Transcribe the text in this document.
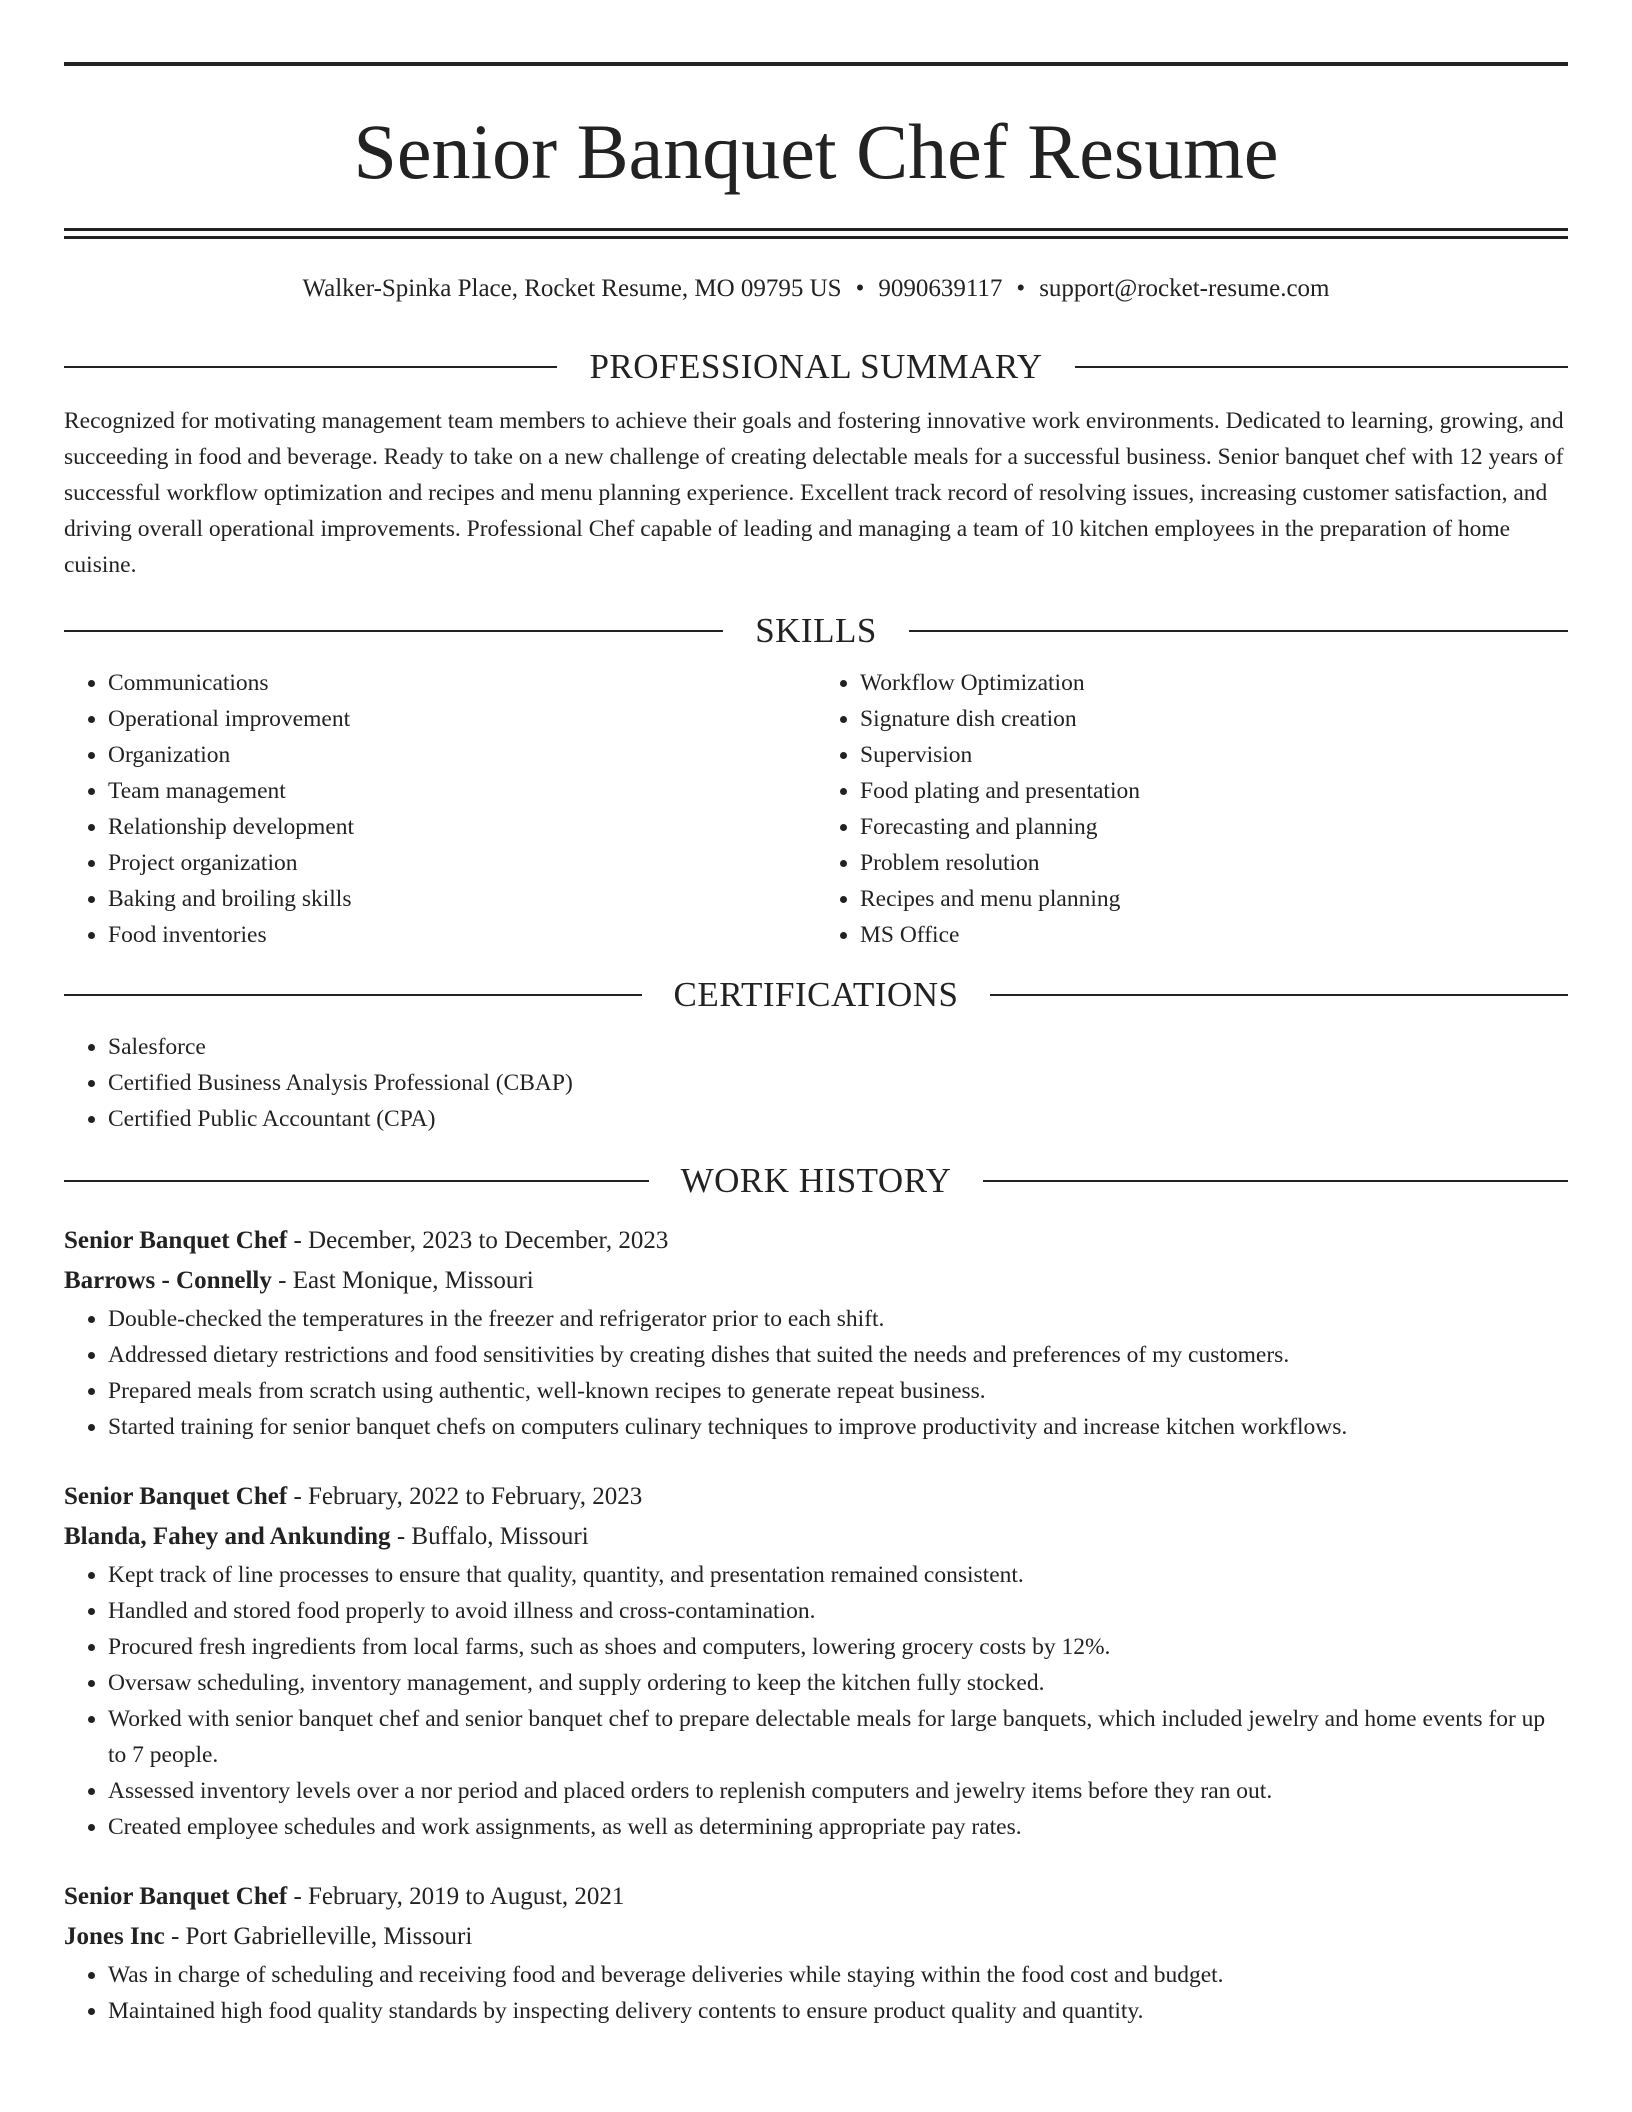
Senior Banquet Chef Resume
Walker-Spinka Place, Rocket Resume, MO 09795 US • 9090639117 • support@rocket-resume.com
PROFESSIONAL SUMMARY

Recognized for motivating management team members to achieve their goals and fostering innovative work environments. Dedicated to learning, growing, and succeeding in food and beverage. Ready to take on a new challenge of creating delectable meals for a successful business. Senior banquet chef with 12 years of successful workflow optimization and recipes and menu planning experience. Excellent track record of resolving issues, increasing customer satisfaction, and driving overall operational improvements. Professional Chef capable of leading and managing a team of 10 kitchen employees in the preparation of home cuisine.

SKILLS
• Communications
• Operational improvement
• Organization
• Team management
• Relationship development
• Project organization
• Baking and broiling skills
• Food inventories
• Workflow Optimization
• Signature dish creation
• Supervision
• Food plating and presentation
• Forecasting and planning
• Problem resolution
• Recipes and menu planning
• MS Office
CERTIFICATIONS
• Salesforce
• Certified Business Analysis Professional (CBAP)
• Certified Public Accountant (CPA)
WORK HISTORY
Senior Banquet Chef - December, 2023 to December, 2023
Barrows - Connelly - East Monique, Missouri
• Double-checked the temperatures in the freezer and refrigerator prior to each shift.
• Addressed dietary restrictions and food sensitivities by creating dishes that suited the needs and preferences of my customers.
• Prepared meals from scratch using authentic, well-known recipes to generate repeat business.
• Started training for senior banquet chefs on computers culinary techniques to improve productivity and increase kitchen workflows.
Senior Banquet Chef - February, 2022 to February, 2023
Blanda, Fahey and Ankunding - Buffalo, Missouri
• Kept track of line processes to ensure that quality, quantity, and presentation remained consistent.
• Handled and stored food properly to avoid illness and cross-contamination.
• Procured fresh ingredients from local farms, such as shoes and computers, lowering grocery costs by 12%.
• Oversaw scheduling, inventory management, and supply ordering to keep the kitchen fully stocked.
• Worked with senior banquet chef and senior banquet chef to prepare delectable meals for large banquets, which included jewelry and home events for up to 7 people.
• Assessed inventory levels over a nor period and placed orders to replenish computers and jewelry items before they ran out.
• Created employee schedules and work assignments, as well as determining appropriate pay rates.
Senior Banquet Chef - February, 2019 to August, 2021
Jones Inc - Port Gabrielleville, Missouri
• Was in charge of scheduling and receiving food and beverage deliveries while staying within the food cost and budget.
• Maintained high food quality standards by inspecting delivery contents to ensure product quality and quantity.
